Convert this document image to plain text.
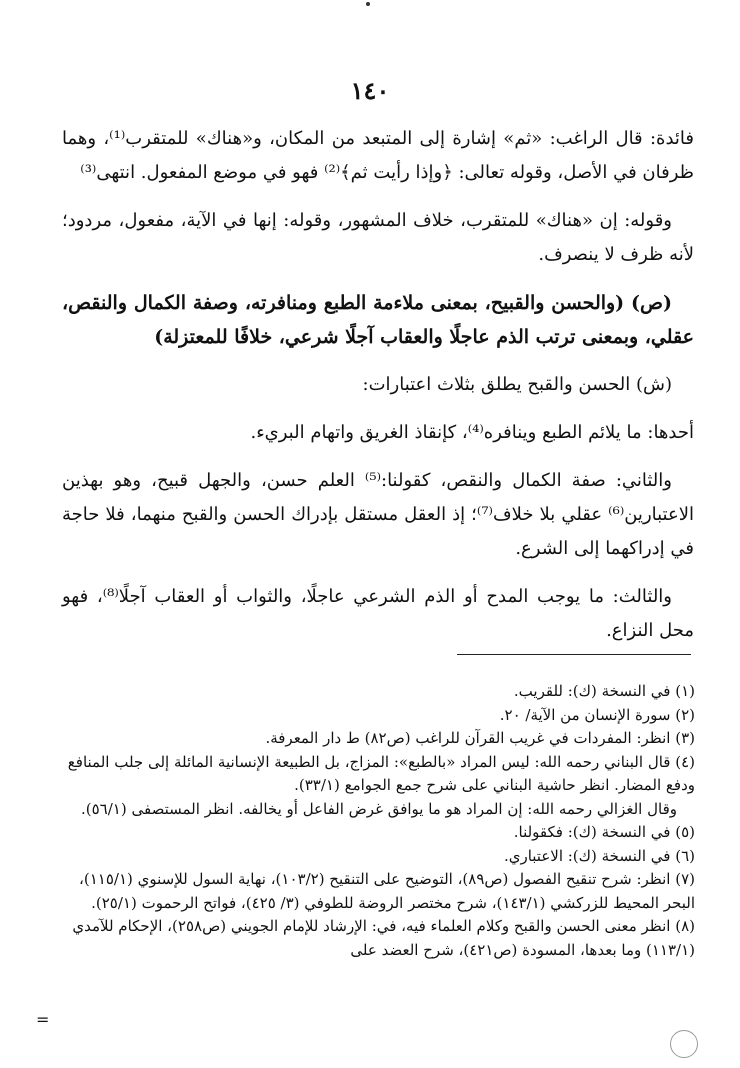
١٤٠

فائدة: قال الراغب: «ثم» إشارة إلى المتبعد من المكان، و«هناك» للمتقرب⁽¹⁾، وهما ظرفان في الأصل، وقوله تعالى: ﴿وإذا رأيت ثم﴾⁽²⁾ فهو في موضع المفعول. انتهى⁽³⁾

وقوله: إن «هناك» للمتقرب، خلاف المشهور، وقوله: إنها في الآية، مفعول، مردود؛ لأنه ظرف لا ينصرف.

(ص) (والحسن والقبيح، بمعنى ملاءمة الطبع ومنافرته، وصفة الكمال والنقص، عقلي، وبمعنى ترتب الذم عاجلًا والعقاب آجلًا شرعي، خلافًا للمعتزلة)

(ش) الحسن والقبح يطلق بثلاث اعتبارات:

أحدها: ما يلائم الطبع وينافره⁽⁴⁾، كإنقاذ الغريق واتهام البريء.

والثاني: صفة الكمال والنقص، كقولنا:⁽⁵⁾ العلم حسن، والجهل قبيح، وهو بهذين الاعتبارين⁽⁶⁾ عقلي بلا خلاف⁽⁷⁾؛ إذ العقل مستقل بإدراك الحسن والقبح منهما، فلا حاجة في إدراكهما إلى الشرع.

والثالث: ما يوجب المدح أو الذم الشرعي عاجلًا، والثواب أو العقاب آجلًا⁽⁸⁾، فهو محل النزاع.

(١) في النسخة (ك): للقريب.
(٢) سورة الإنسان من الآية/ ٢٠.
(٣) انظر: المفردات في غريب القرآن للراغب (ص٨٢) ط دار المعرفة.
(٤) قال البناني رحمه الله: ليس المراد «بالطبع»: المزاج، بل الطبيعة الإنسانية المائلة إلى جلب المنافع ودفع المضار. انظر حاشية البناني على شرح جمع الجوامع (٣٣/١).
وقال الغزالي رحمه الله: إن المراد هو ما يوافق غرض الفاعل أو يخالفه. انظر المستصفى (٥٦/١).
(٥) في النسخة (ك): فكقولنا.
(٦) في النسخة (ك): الاعتباري.
(٧) انظر: شرح تنقيح الفصول (ص٨٩)، التوضيح على التنقيح (١٠٣/٢)، نهاية السول للإسنوي (١١٥/١)، البحر المحيط للزركشي (١٤٣/١)، شرح مختصر الروضة للطوفي (٣/ ٤٢٥)، فواتح الرحموت (٢٥/١).
(٨) انظر معنى الحسن والقبح وكلام العلماء فيه، في: الإرشاد للإمام الجويني (ص٢٥٨)، الإحكام للآمدي (١١٣/١) وما بعدها، المسودة (ص٤٢١)، شرح العضد على
=
